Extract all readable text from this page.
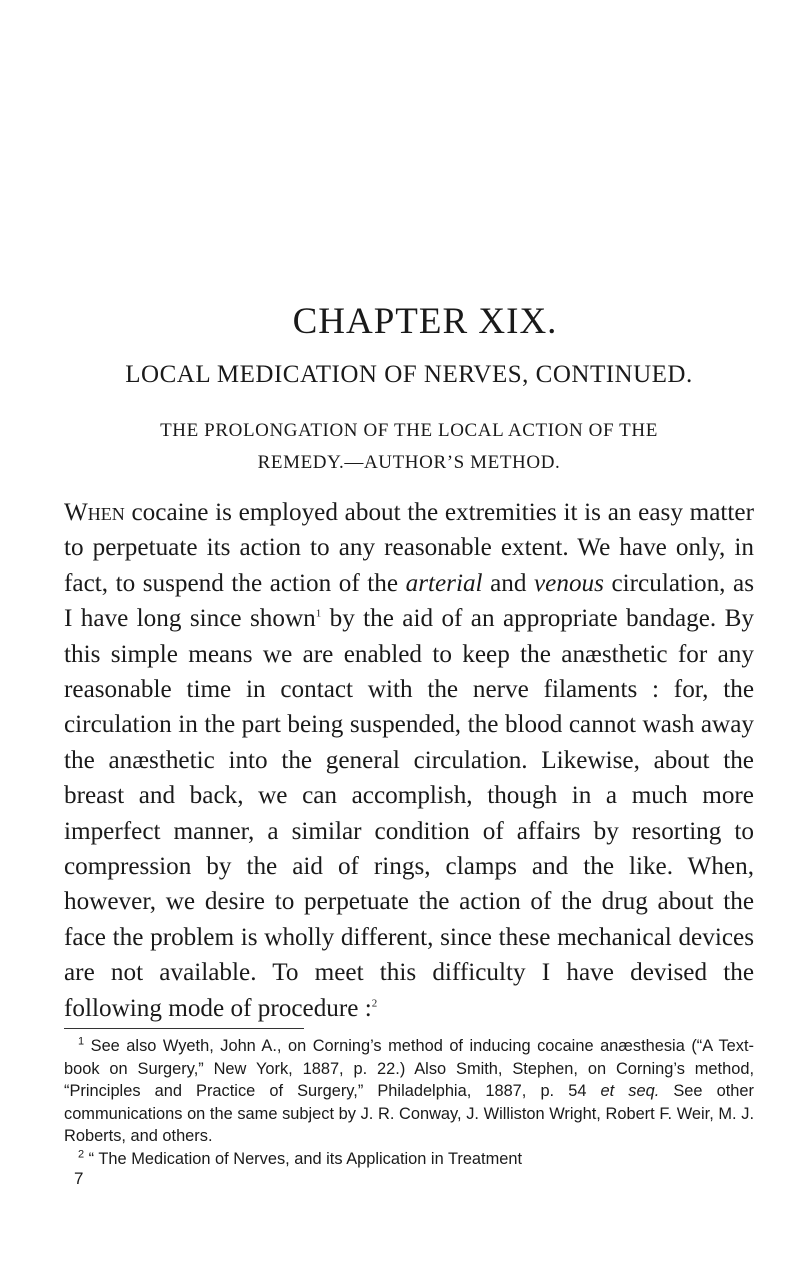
CHAPTER XIX.
LOCAL MEDICATION OF NERVES, CONTINUED.
THE PROLONGATION OF THE LOCAL ACTION OF THE
REMEDY.—AUTHOR’S METHOD.

When cocaine is employed about the extremities it is an easy matter to perpetuate its action to any reasonable extent. We have only, in fact, to suspend the action of the arterial and venous circulation, as I have long since shown$^1$ by the aid of an appropriate bandage. By this simple means we are enabled to keep the anæsthetic for any reasonable time in contact with the nerve filaments : for, the circulation in the part being suspended, the blood cannot wash away the anæsthetic into the general circulation. Likewise, about the breast and back, we can accomplish, though in a much more imperfect manner, a similar condition of affairs by resorting to compression by the aid of rings, clamps and the like. When, however, we desire to perpetuate the action of the drug about the face the problem is wholly different, since these mechanical devices are not available. To meet this difficulty I have devised the following mode of procedure :$^2$

$^1$ See also Wyeth, John A., on Corning’s method of inducing cocaine anæsthesia (“A Text-book on Surgery,” New York, 1887, p. 22.) Also Smith, Stephen, on Corning’s method, “Principles and Practice of Surgery,” Philadelphia, 1887, p. 54 et seq. See other communications on the same subject by J. R. Conway, J. Williston Wright, Robert F. Weir, M. J. Roberts, and others.

$^2$ “ The Medication of Nerves, and its Application in Treatment

7
